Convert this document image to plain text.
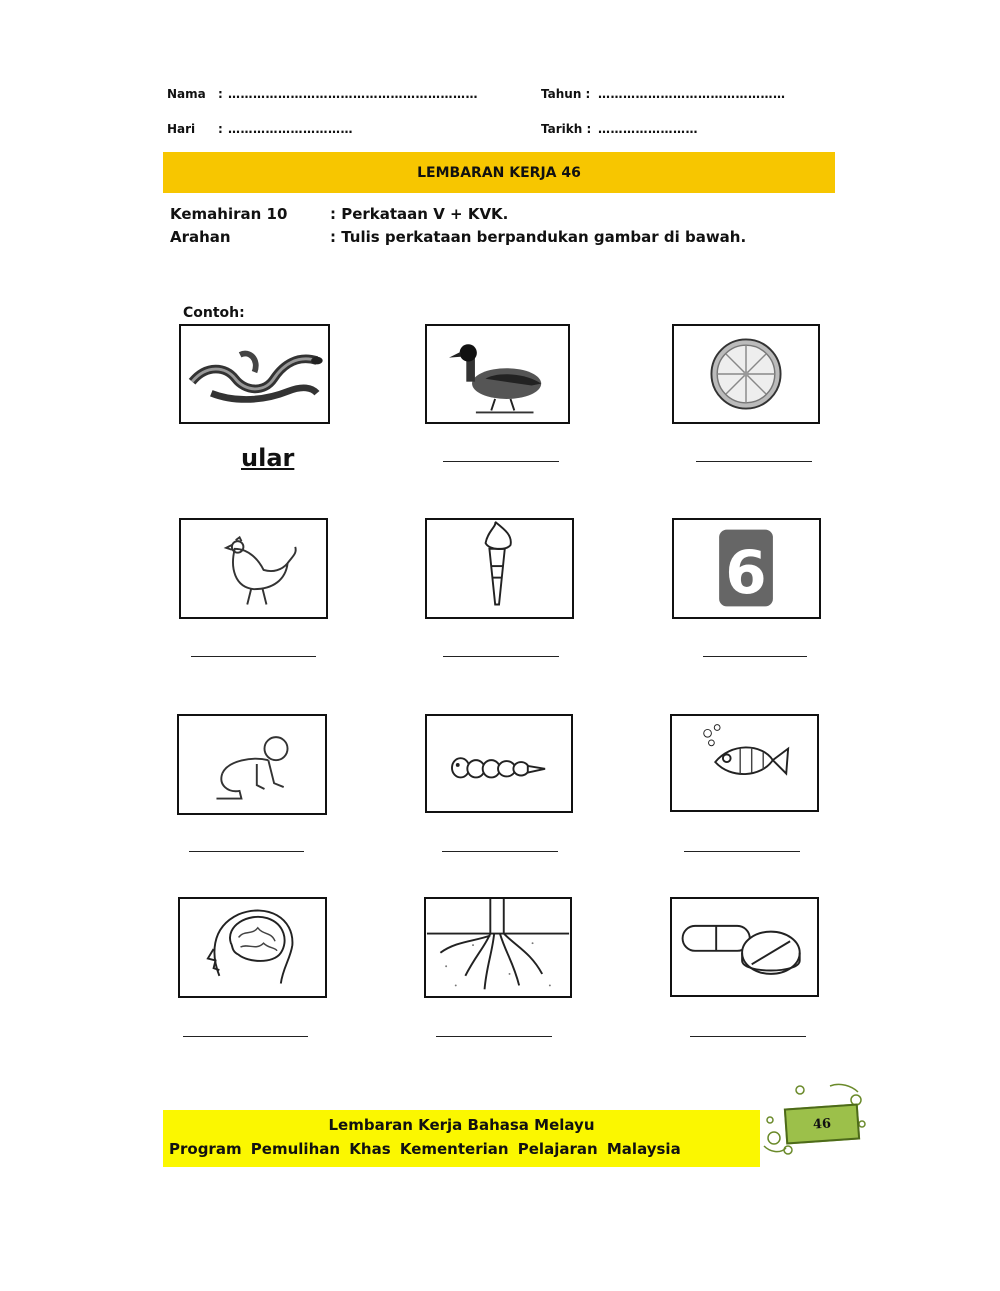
Nama : ……………………………………………………	Tahun : ………………………………………
Hari : …………………………	Tarikh : ……………………
LEMBARAN KERJA 46
Kemahiran 10	: Perkataan V + KVK.
Arahan	: Tulis perkataan berpandukan gambar di bawah.
Contoh:
ular
6
Lembaran Kerja Bahasa Melayu
Program Pemulihan Khas Kementerian Pelajaran Malaysia
46
